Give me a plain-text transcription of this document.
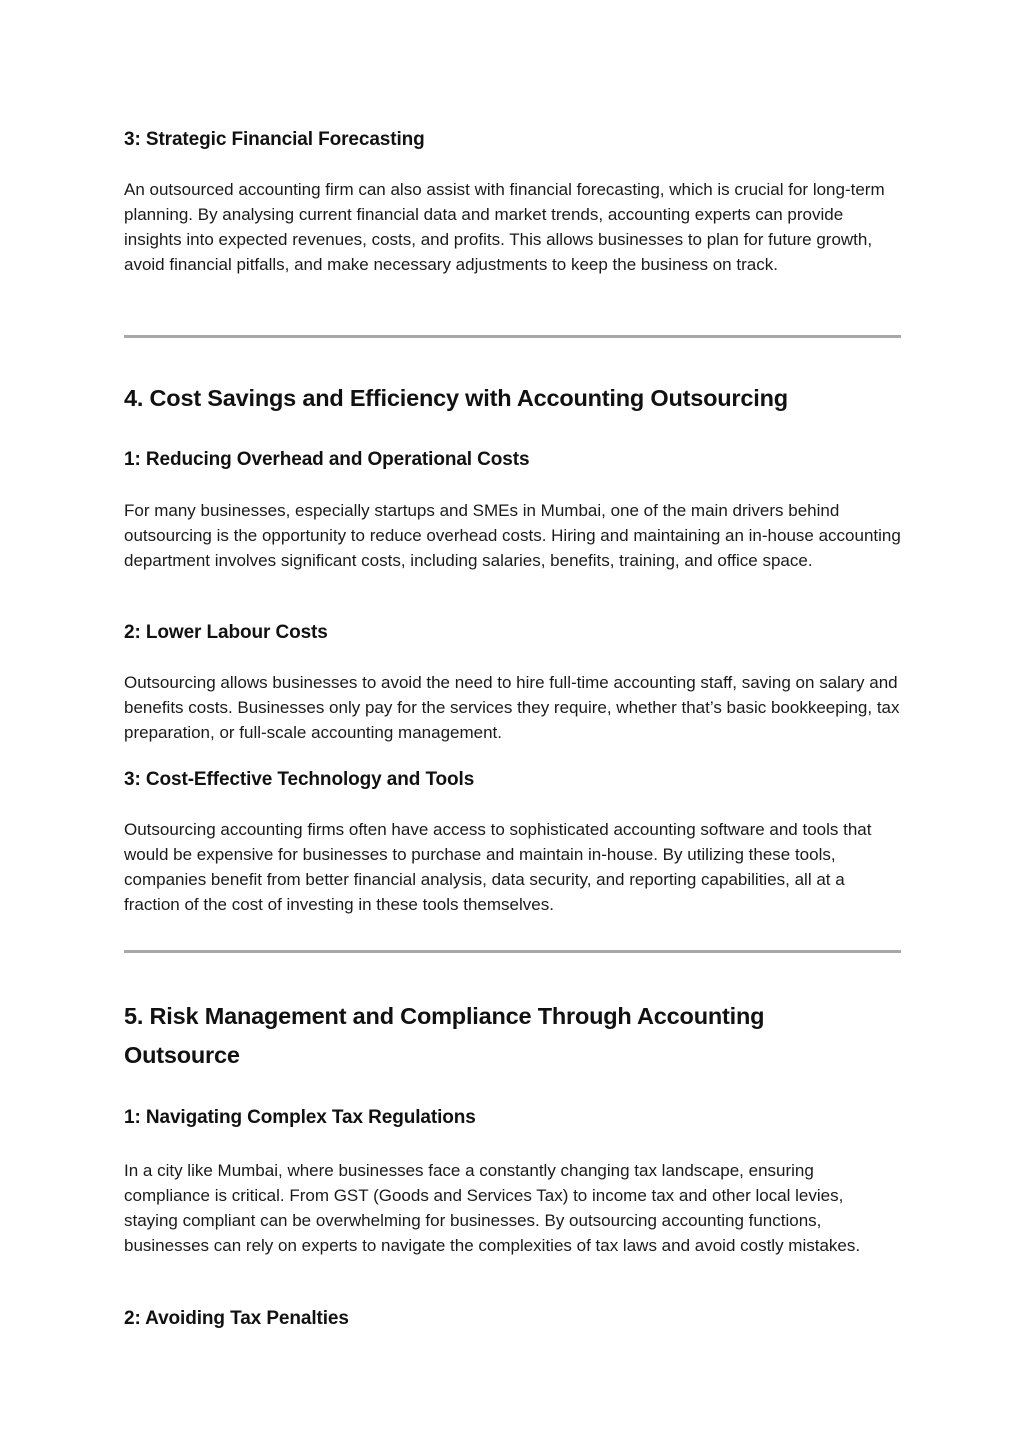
3: Strategic Financial Forecasting

An outsourced accounting firm can also assist with financial forecasting, which is crucial for long-term planning. By analysing current financial data and market trends, accounting experts can provide insights into expected revenues, costs, and profits. This allows businesses to plan for future growth, avoid financial pitfalls, and make necessary adjustments to keep the business on track.

4. Cost Savings and Efficiency with Accounting Outsourcing

1: Reducing Overhead and Operational Costs

For many businesses, especially startups and SMEs in Mumbai, one of the main drivers behind outsourcing is the opportunity to reduce overhead costs. Hiring and maintaining an in-house accounting department involves significant costs, including salaries, benefits, training, and office space.

2: Lower Labour Costs

Outsourcing allows businesses to avoid the need to hire full-time accounting staff, saving on salary and benefits costs. Businesses only pay for the services they require, whether that’s basic bookkeeping, tax preparation, or full-scale accounting management.

3: Cost-Effective Technology and Tools

Outsourcing accounting firms often have access to sophisticated accounting software and tools that would be expensive for businesses to purchase and maintain in-house. By utilizing these tools, companies benefit from better financial analysis, data security, and reporting capabilities, all at a fraction of the cost of investing in these tools themselves.

5. Risk Management and Compliance Through Accounting Outsource

1: Navigating Complex Tax Regulations

In a city like Mumbai, where businesses face a constantly changing tax landscape, ensuring compliance is critical. From GST (Goods and Services Tax) to income tax and other local levies, staying compliant can be overwhelming for businesses. By outsourcing accounting functions, businesses can rely on experts to navigate the complexities of tax laws and avoid costly mistakes.

2: Avoiding Tax Penalties
